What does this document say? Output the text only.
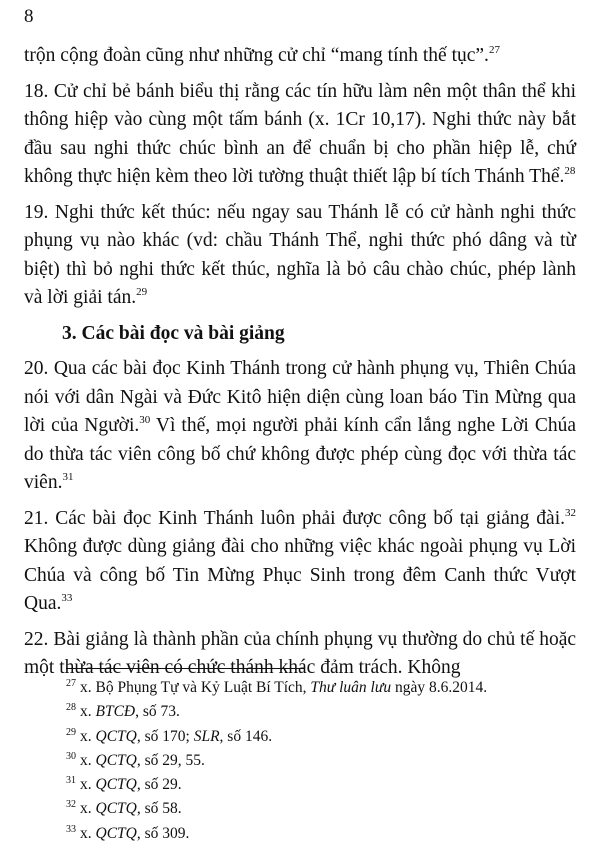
8

trộn cộng đoàn cũng như những cử chỉ “mang tính thế tục”.$^{27}$

18. Cử chỉ bẻ bánh biểu thị rằng các tín hữu làm nên một thân thể khi thông hiệp vào cùng một tấm bánh (x. 1Cr 10,17). Nghi thức này bắt đầu sau nghi thức chúc bình an để chuẩn bị cho phần hiệp lễ, chứ không thực hiện kèm theo lời tường thuật thiết lập bí tích Thánh Thể.$^{28}$

19. Nghi thức kết thúc: nếu ngay sau Thánh lễ có cử hành nghi thức phụng vụ nào khác (vd: chầu Thánh Thể, nghi thức phó dâng và từ biệt) thì bỏ nghi thức kết thúc, nghĩa là bỏ câu chào chúc, phép lành và lời giải tán.$^{29}$

3. Các bài đọc và bài giảng

20. Qua các bài đọc Kinh Thánh trong cử hành phụng vụ, Thiên Chúa nói với dân Ngài và Đức Kitô hiện diện cùng loan báo Tin Mừng qua lời của Người.$^{30}$ Vì thế, mọi người phải kính cẩn lắng nghe Lời Chúa do thừa tác viên công bố chứ không được phép cùng đọc với thừa tác viên.$^{31}$

21. Các bài đọc Kinh Thánh luôn phải được công bố tại giảng đài.$^{32}$ Không được dùng giảng đài cho những việc khác ngoài phụng vụ Lời Chúa và công bố Tin Mừng Phục Sinh trong đêm Canh thức Vượt Qua.$^{33}$

22. Bài giảng là thành phần của chính phụng vụ thường do chủ tế hoặc một thừa tác viên có chức thánh khác đảm trách. Không

$^{27}$ x. Bộ Phụng Tự và Kỷ Luật Bí Tích, Thư luân lưu ngày 8.6.2014.
$^{28}$ x. BTCĐ, số 73.
$^{29}$ x. QCTQ, số 170; SLR, số 146.
$^{30}$ x. QCTQ, số 29, 55.
$^{31}$ x. QCTQ, số 29.
$^{32}$ x. QCTQ, số 58.
$^{33}$ x. QCTQ, số 309.
